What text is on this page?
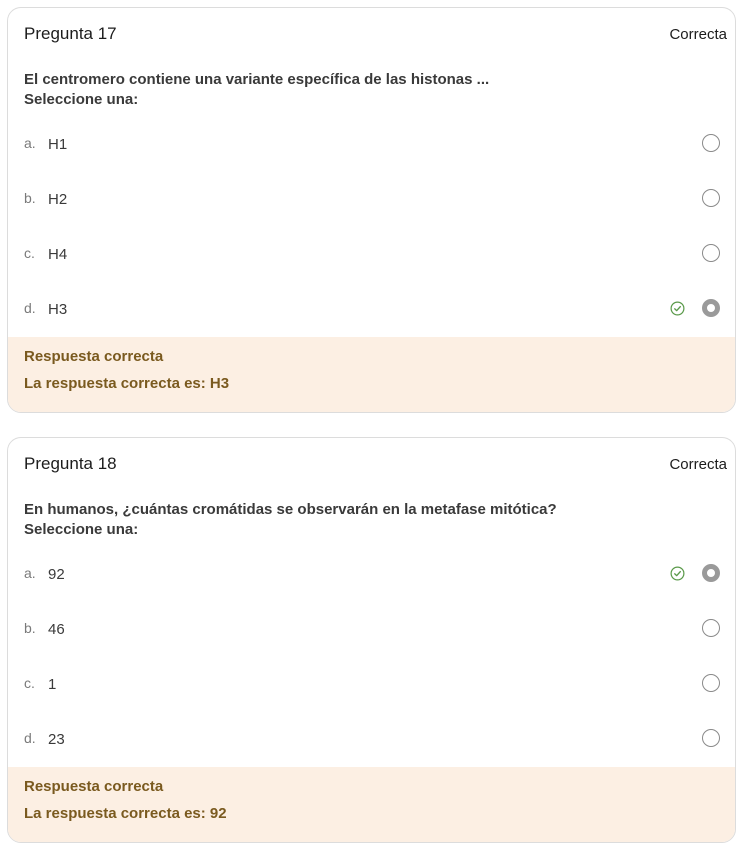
Pregunta 17	Correcta
El centromero contiene una variante específica de las histonas ...
Seleccione una:
a. H1
b. H2
c. H4
d. H3
Respuesta correcta
La respuesta correcta es: H3
Pregunta 18	Correcta
En humanos, ¿cuántas cromátidas se observarán en la metafase mitótica?
Seleccione una:
a. 92
b. 46
c. 1
d. 23
Respuesta correcta
La respuesta correcta es: 92
